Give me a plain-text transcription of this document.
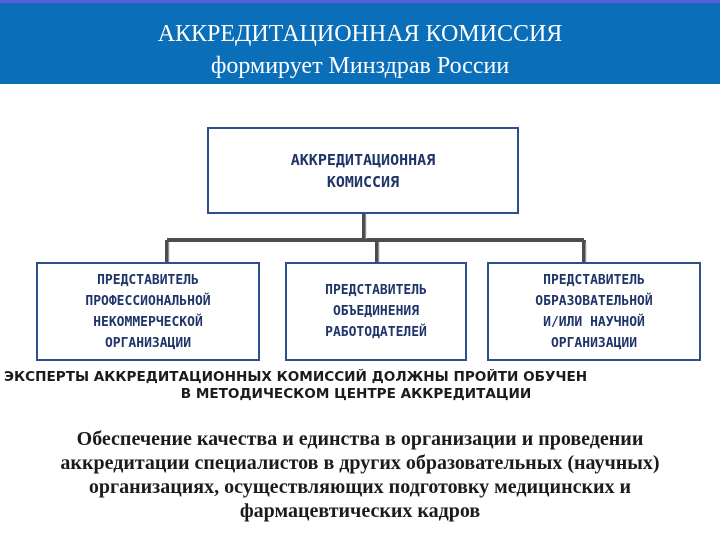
АККРЕДИТАЦИОННАЯ КОМИССИЯ
формирует Минздрав России
АККРЕДИТАЦИОННАЯ
КОМИССИЯ
ПРЕДСТАВИТЕЛЬ
ПРОФЕССИОНАЛЬНОЙ
НЕКОММЕРЧЕСКОЙ
ОРГАНИЗАЦИИ
ПРЕДСТАВИТЕЛЬ
ОБЪЕДИНЕНИЯ
РАБОТОДАТЕЛЕЙ
ПРЕДСТАВИТЕЛЬ
ОБРАЗОВАТЕЛЬНОЙ
И/ИЛИ НАУЧНОЙ
ОРГАНИЗАЦИИ
ЭКСПЕРТЫ АККРЕДИТАЦИОННЫХ КОМИССИЙ ДОЛЖНЫ ПРОЙТИ ОБУЧЕН
В МЕТОДИЧЕСКОМ ЦЕНТРЕ АККРЕДИТАЦИИ
Обеспечение качества и единства в организации и проведении
аккредитации специалистов в других образовательных (научных)
организациях, осуществляющих подготовку медицинских и
фармацевтических кадров
